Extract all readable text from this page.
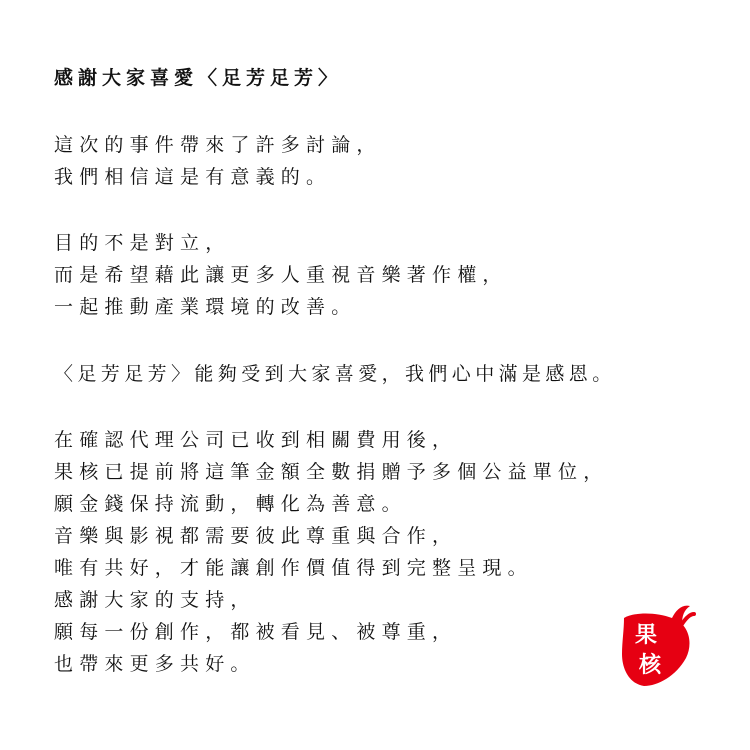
感謝大家喜愛〈足芳足芳〉
這次的事件帶來了許多討論，
我們相信這是有意義的。
目的不是對立，
而是希望藉此讓更多人重視音樂著作權，
一起推動產業環境的改善。
〈足芳足芳〉能夠受到大家喜愛，我們心中滿是感恩。
在確認代理公司已收到相關費用後，
果核已提前將這筆金額全數捐贈予多個公益單位，
願金錢保持流動，轉化為善意。
音樂與影視都需要彼此尊重與合作，
唯有共好，才能讓創作價值得到完整呈現。
感謝大家的支持，
願每一份創作，都被看見、被尊重，
也帶來更多共好。
果
核
